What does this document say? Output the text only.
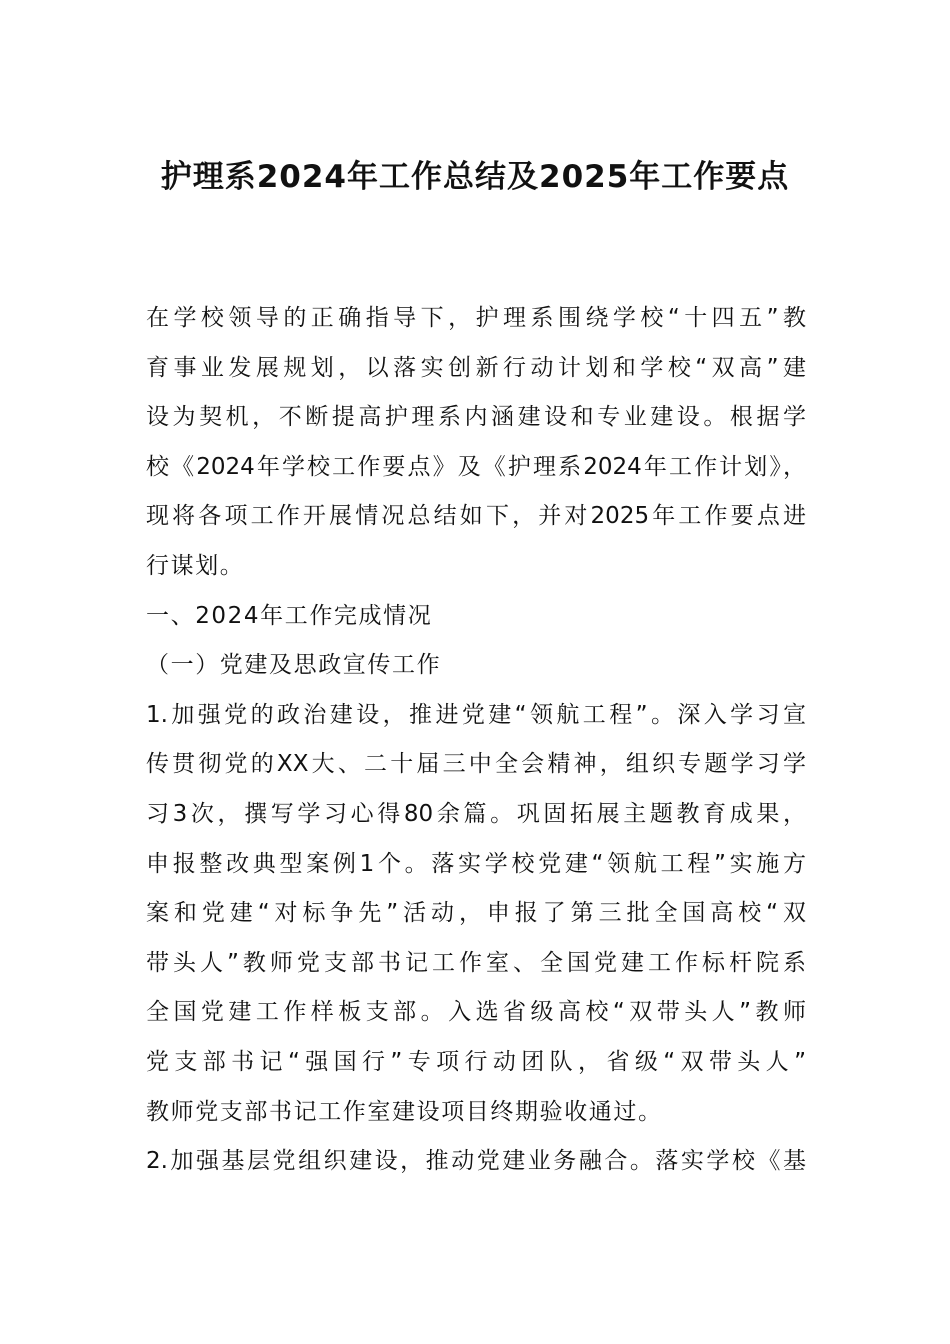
护理系2024年工作总结及2025年工作要点
在学校领导的正确指导下，护理系围绕学校“十四五”教
育事业发展规划，以落实创新行动计划和学校“双高”建
设为契机，不断提高护理系内涵建设和专业建设。根据学
校《2024年学校工作要点》及《护理系2024年工作计划》，
现将各项工作开展情况总结如下，并对2025年工作要点进
行谋划。
一、2024年工作完成情况
（一）党建及思政宣传工作
1.加强党的政治建设，推进党建“领航工程”。深入学习宣
传贯彻党的XX大、二十届三中全会精神，组织专题学习学
习3次，撰写学习心得80余篇。巩固拓展主题教育成果，
申报整改典型案例1个。落实学校党建“领航工程”实施方
案和党建“对标争先”活动，申报了第三批全国高校“双
带头人”教师党支部书记工作室、全国党建工作标杆院系
全国党建工作样板支部。入选省级高校“双带头人”教师
党支部书记“强国行”专项行动团队，省级“双带头人”
教师党支部书记工作室建设项目终期验收通过。
2.加强基层党组织建设，推动党建业务融合。落实学校《基
